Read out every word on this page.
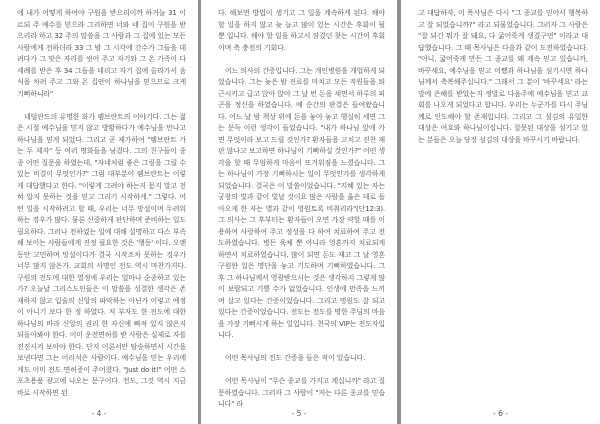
에 내가 어떻게 하여야 구원을 받으리이까 하거늘 31 이르되 주 예수를 믿으라 그리하면 너와 네 집이 구원을 받으리라 하고 32 주의 말씀을 그 사람과 그 집에 있는 모든 사람에게 전하더라 33 그 밤 그 시각에 간수가 그들을 데려다가 그 맞은 자리를 씻어 주고 자기와 그 온 가족이 다 세례를 받은 후 34 그들을 데리고 자기 집에 올라가서 음식을 차려 주고 그와 온 집안이 하나님을 믿으므로 크게 기뻐하니라"

네덜란드의 유명한 화가 렘브란트의 이야기다. 그는 젊은 시절 예수님을 믿지 않고 방황하다가 예수님을 만나고 하나님을 믿게 되었다. 그리고 곧 제가하여 "렘브란트 가는 두 제자" 등 여러 명화들을 남겼다. 그의 친구들이 종종 어떤 질문을 하였는데, "자네처럼 좋은 그림을 그릴 수 있는 비결이 무엇인가?" 그럼 대부분이 렘브란트는 이렇게 대답했다고 한다. "이렇게 그려야 하는지 묻지 말고 전혀 알지 못하는 것을 믿고 그리기 시작하게." 그렇다. 어떤 일을 시작하려고 할 때, 우리는 너무 망설이며 두려워 하는 경우가 많다. 물론 신중하게 판단하며 준비하는 일도 필요하다. 그러나 전하였는 일에 대해 설명하고 다스 부족해 보이는 사람들에게 진정 필요한 것은 '행동' 이다. 오랜동안 고민하며 망설이다가 결국 시작조차 못하는 경우가 너무 많지 않은가. 교회의 사명인 전도 역시 마찬가지다. 구원의 전도에 대한 열정에 우리는 얼마나 순종하고 있는가? 오늘날 그리스도인들은 이 말씀을 성결한 생각은 존재하지 않고 입술의 신앙의 파악하는 아닌가 이렇고 예정이 아니기 보다 한 정 하였다. 저 부자도 한 전도에 대한 하나님의 바라 신앙의 권리 한 자신에 빠져 있지 않은지 되돌아봐야 한다. 이미 운전면허를 받 사람은 실제로 자를 전진시켜 보아야 한다. 단지 이론서만 탐승하면서 시간을 보낸다면 그는 어리석은 사람이다. 예수님을 믿는 우리에게도 이미 전도 면허증이 주어졌다. "Just do it!" 어떤 스포츠용품 광고에 나오는 문구이다. 전도, 그것 역시 지금 바로 시작하면 된

- 4 -

다. 해보면 방법이 생기고 그 일을 계속하게 된다. 해야 할 일을 하지 않고 늦 늘고 많이 있는 시간은 후회이 될 뿐 입니다. 해야 할 일을 하고서 잠겼던 찾는 시간이 후회이며 축 충전의 기회다.

어느 의사의 간증입니다. 그는 개인병원을 개업하게 되었습니다. 그는 늦은 밤 진료를 마치고 모든 직원들을 퇴근시키고 급고 앉아 앉아 그 날 번 돈을 세면서 하루의 피곤을 정신을 하였습니다. 예 순간의 판결은 들여왔습니다. 어느 날 밤 책상 위에 돈을 놓아 놓고 행실히 세면 그는 문득 이런 생각이 들었습니다. "내가 하나님 앞에 가면 무엇이라 보고 드릴 것인가? 환자들을 고치고 진찬 재판 않나고 보고하면 하나님이 기뻐하실 것인가?" 어떤 생각을 할 때 무엄하게 마음이 뜨거워짐을 느꼈습니다. 그는 하나님이 가장 기뻐하시는 일이 무엇인가를 생각하게 되었습니다. 결국은 이 말씀이었습니다. "지혜 있는 자는 궁창의 빛과 같이 빛날 것이요 많은 사람을 옳은 데로 돌아오게 한 자는 별과 같이 영원토록 비취리라"(단12:3). 그 의사는 그 후부터는 환자들이 오면 가장 약할 때를 이용하여 사랑하여 주고 정성을 다 하여 치료하여 주고 전도하였습니다. 병든 육체 뿐 아니라 영혼까지 치료되게 하면서 치료하였습니다. 많이 되면 돈도 재고 그 날 영혼구원한 일은 명단을 놓고 기도하며 기뻐하였습니다. 그 후 그 하나님께서 영광받으시는 것은 생각하지 그렇게 많이 보람되고 기쁠 수가 없었습니다. 인생에 만족을 느끼며 살고 있다는 간증이었습니다. 그리고 명원도 잘 되고 있다는 간증이었습니다. 전도는 전도를 명한 주님의 마음을 가장 기뻐시게 하는 일입니다. 천국의 VIP는 전도자입니다.

어떤 목사님의 전도 간증을 들은 적이 있습니다.

어떤 목사님이 "무슨 종교를 가지고 계십니까" 라고 질문하였습니다. 그러자 그 사람이 "저는 다른 종교를 믿습니다" 라

- 5 -

고 대답하자, 이 목사님은 다시 "그 종교를 믿어서 행복하고 잘 되었습니까?" 라고 되물었습니다. 그러자 그 사람은 "잘 되긴 뭐가 잘 돼요, 다 굶어죽게 생겼구먼" 이라고 대답했습니다. 그 때 목사님은 다음과 같이 도전하였습니다. "아니, 굶어죽게 만든 그 종교를 왜 계속 믿고 있습니까, 바꾸세요, 예수님을 믿고 어쨌과 하나님을 섬기시면 하나님께서 축복해주십니다." 그래서 그 분이 '바꾸세요' 라는 말에 은혜를 받았는지 정말로 다음주에 예수님을 믿고 교회를 나오게 되었다고 합니다. 우리는 누군가를 다시 주님께로 인도해야 할 존재입니다. 그리고 그 섬김의 유일한 대상은 여호와 하나님이십니다. 잘못된 대상을 섬기고 있는 분들은 오늘 당장 섬김의 대상을 바꾸시기 바랍니다.

- 6 -
